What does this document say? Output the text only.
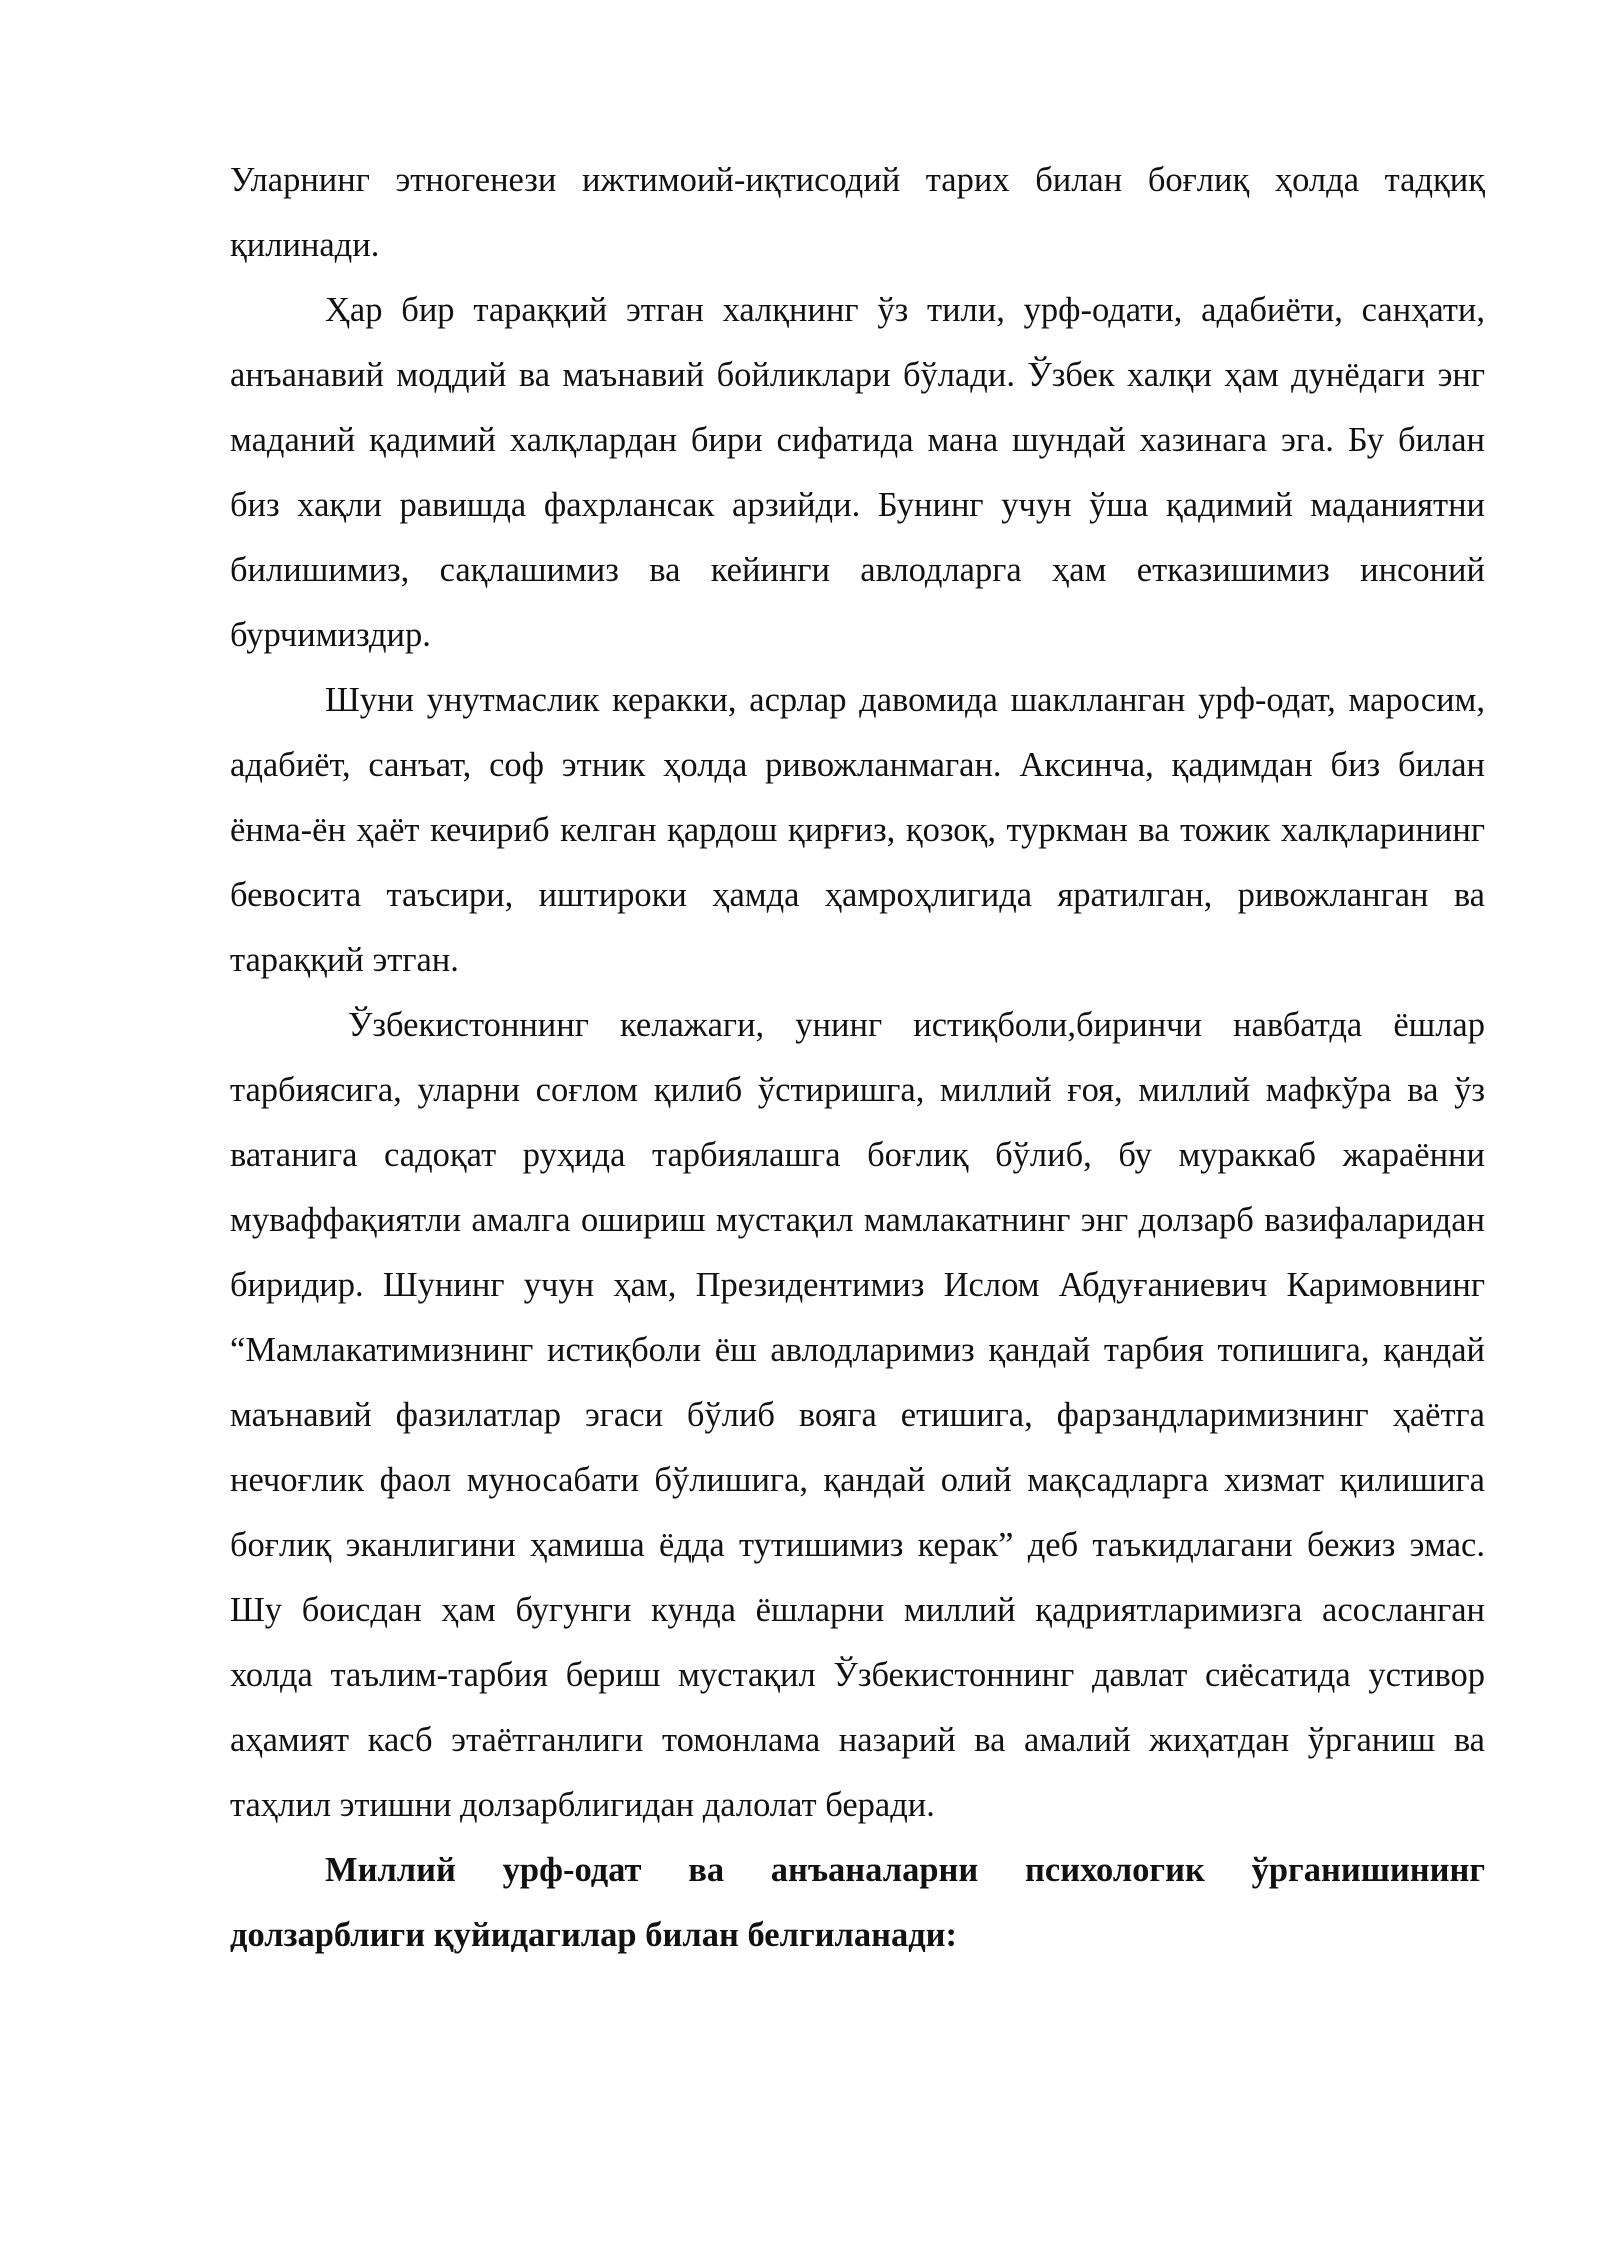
Уларнинг этногенези ижтимоий-иқтисодий тарих билан боғлиқ ҳолда тадқиқ қилинади.

Ҳар бир тараққий этган халқнинг ўз тили, урф-одати, адабиёти, санҳати, анъанавий моддий ва маънавий бойликлари бўлади. Ўзбек халқи ҳам дунёдаги энг маданий қадимий халқлардан бири сифатида мана шундай хазинага эга. Бу билан биз хақли равишда фахрлансак арзийди. Бунинг учун ўша қадимий маданиятни билишимиз, сақлашимиз ва кейинги авлодларга ҳам етказишимиз инсоний бурчимиздир.

Шуни унутмаслик керакки, асрлар давомида шаклланган урф-одат, маросим, адабиёт, санъат, соф этник ҳолда ривожланмаган. Аксинча, қадимдан биз билан ёнма-ён ҳаёт кечириб келган қардош қирғиз, қозоқ, туркман ва тожик халқларининг бевосита таъсири, иштироки ҳамда ҳамроҳлигида яратилган, ривожланган ва тараққий этган.

Ўзбекистоннинг келажаги, унинг истиқболи,биринчи навбатда ёшлар тарбиясига, уларни соғлом қилиб ўстиришга, миллий ғоя, миллий мафкўра ва ўз ватанига садоқат руҳида тарбиялашга боғлиқ бўлиб, бу мураккаб жараённи муваффақиятли амалга ошириш мустақил мамлакатнинг энг долзарб вазифаларидан биридир. Шунинг учун ҳам, Президентимиз Ислом Абдуғаниевич Каримовнинг “Мамлакатимизнинг истиқболи ёш авлодларимиз қандай тарбия топишига, қандай маънавий фазилатлар эгаси бўлиб вояга етишига, фарзандларимизнинг ҳаётга нечоғлик фаол муносабати бўлишига, қандай олий мақсадларга хизмат қилишига боғлиқ эканлигини ҳамиша ёдда тутишимиз керак” деб таъкидлагани бежиз эмас. Шу боисдан ҳам бугунги кунда ёшларни миллий қадриятларимизга асосланган холда таълим-тарбия бериш мустақил Ўзбекистоннинг давлат сиёсатида устивор аҳамият касб этаётганлиги томонлама назарий ва амалий жиҳатдан ўрганиш ва таҳлил этишни долзарблигидан далолат беради.

Миллий урф-одат ва анъаналарни психологик ўрганишининг долзарблиги қуйидагилар билан белгиланади:
